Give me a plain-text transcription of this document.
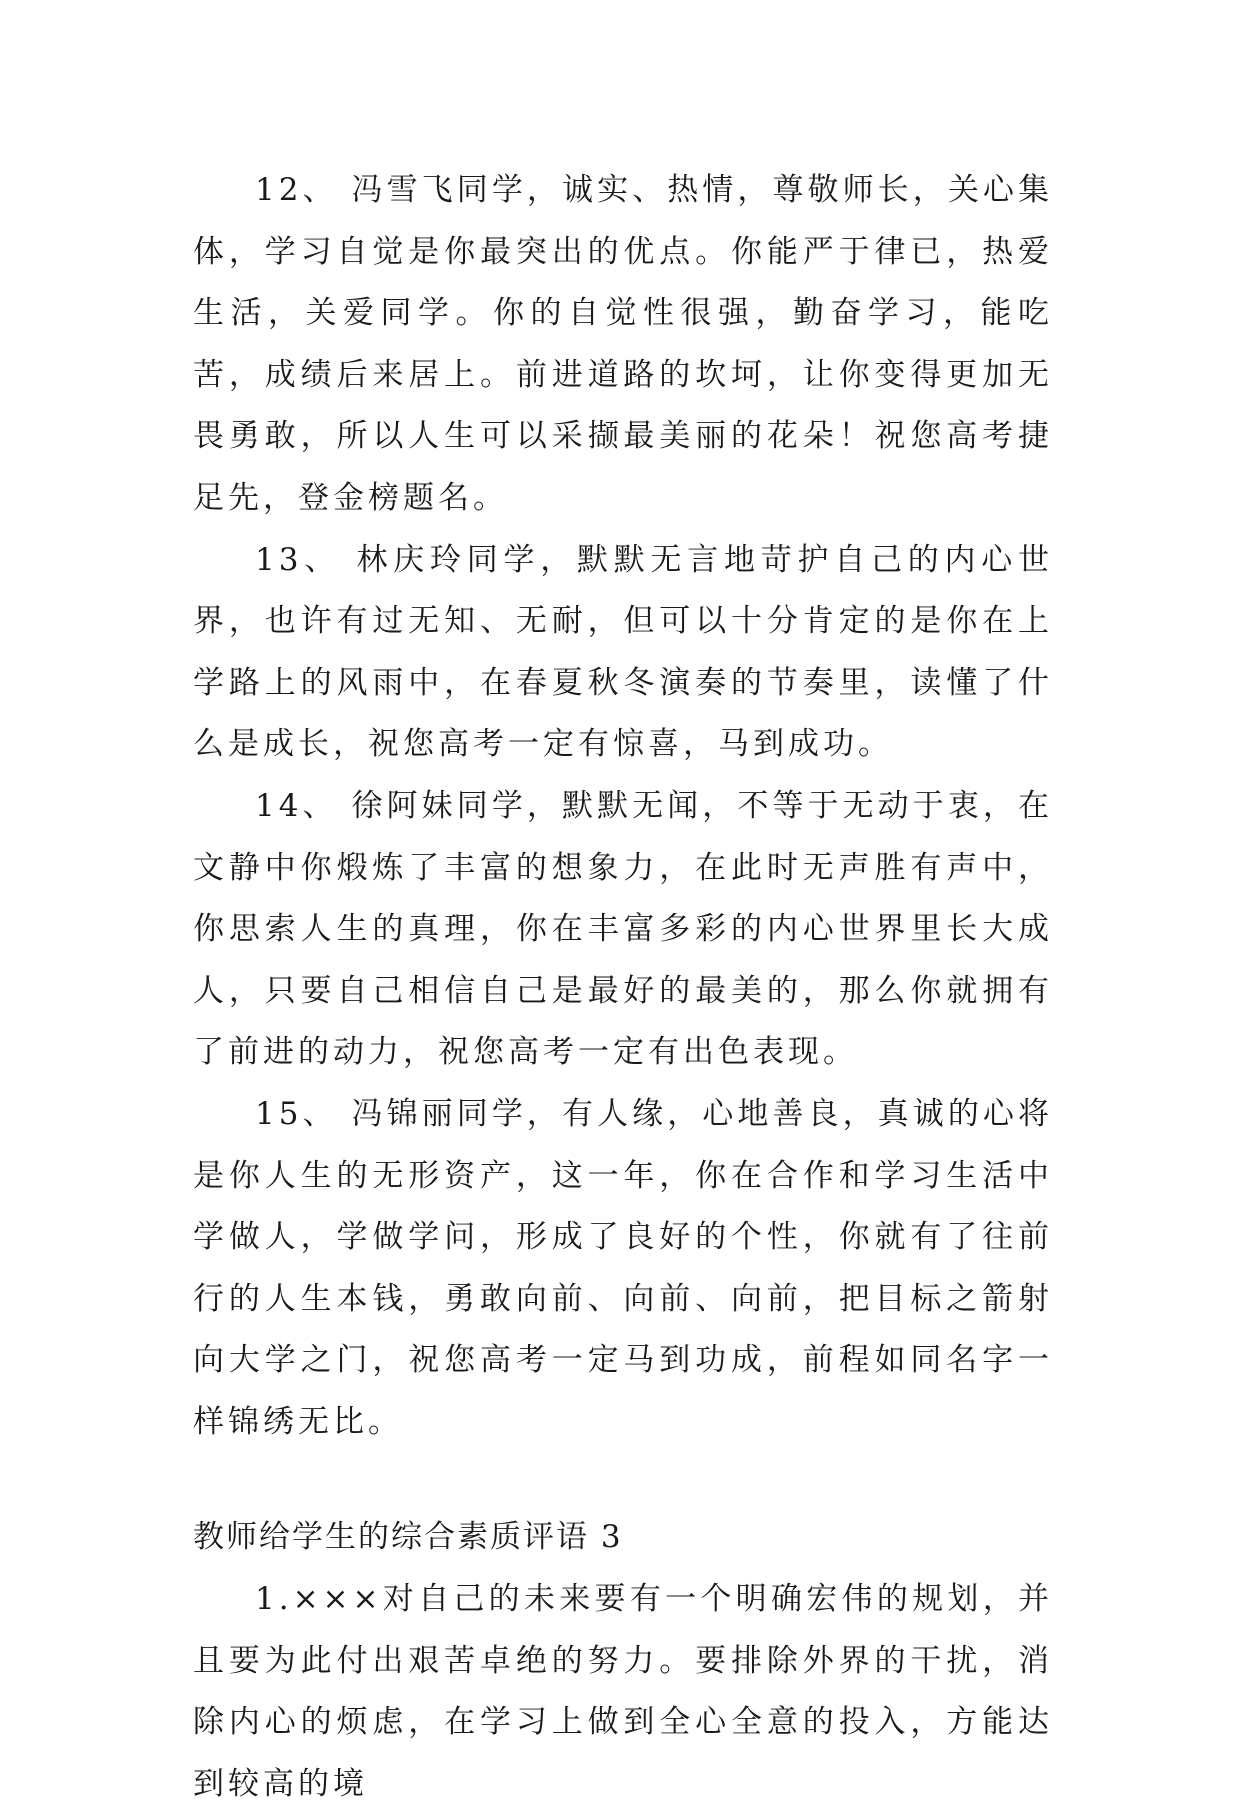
12、 冯雪飞同学，诚实、热情，尊敬师长，关心集体，学习自觉是你最突出的优点。你能严于律已，热爱生活，关爱同学。你的自觉性很强，勤奋学习，能吃苦，成绩后来居上。前进道路的坎坷，让你变得更加无畏勇敢，所以人生可以采撷最美丽的花朵！祝您高考捷足先，登金榜题名。

13、 林庆玲同学，默默无言地苛护自己的内心世界，也许有过无知、无耐，但可以十分肯定的是你在上学路上的风雨中，在春夏秋冬演奏的节奏里，读懂了什么是成长，祝您高考一定有惊喜，马到成功。

14、 徐阿妹同学，默默无闻，不等于无动于衷，在文静中你煅炼了丰富的想象力，在此时无声胜有声中，你思索人生的真理，你在丰富多彩的内心世界里长大成人，只要自己相信自己是最好的最美的，那么你就拥有了前进的动力，祝您高考一定有出色表现。

15、 冯锦丽同学，有人缘，心地善良，真诚的心将是你人生的无形资产，这一年，你在合作和学习生活中学做人，学做学问，形成了良好的个性，你就有了往前行的人生本钱，勇敢向前、向前、向前，把目标之箭射向大学之门，祝您高考一定马到功成，前程如同名字一样锦绣无比。

教师给学生的综合素质评语 3

1.×××对自己的未来要有一个明确宏伟的规划，并且要为此付出艰苦卓绝的努力。要排除外界的干扰，消除内心的烦虑，在学习上做到全心全意的投入，方能达到较高的境
